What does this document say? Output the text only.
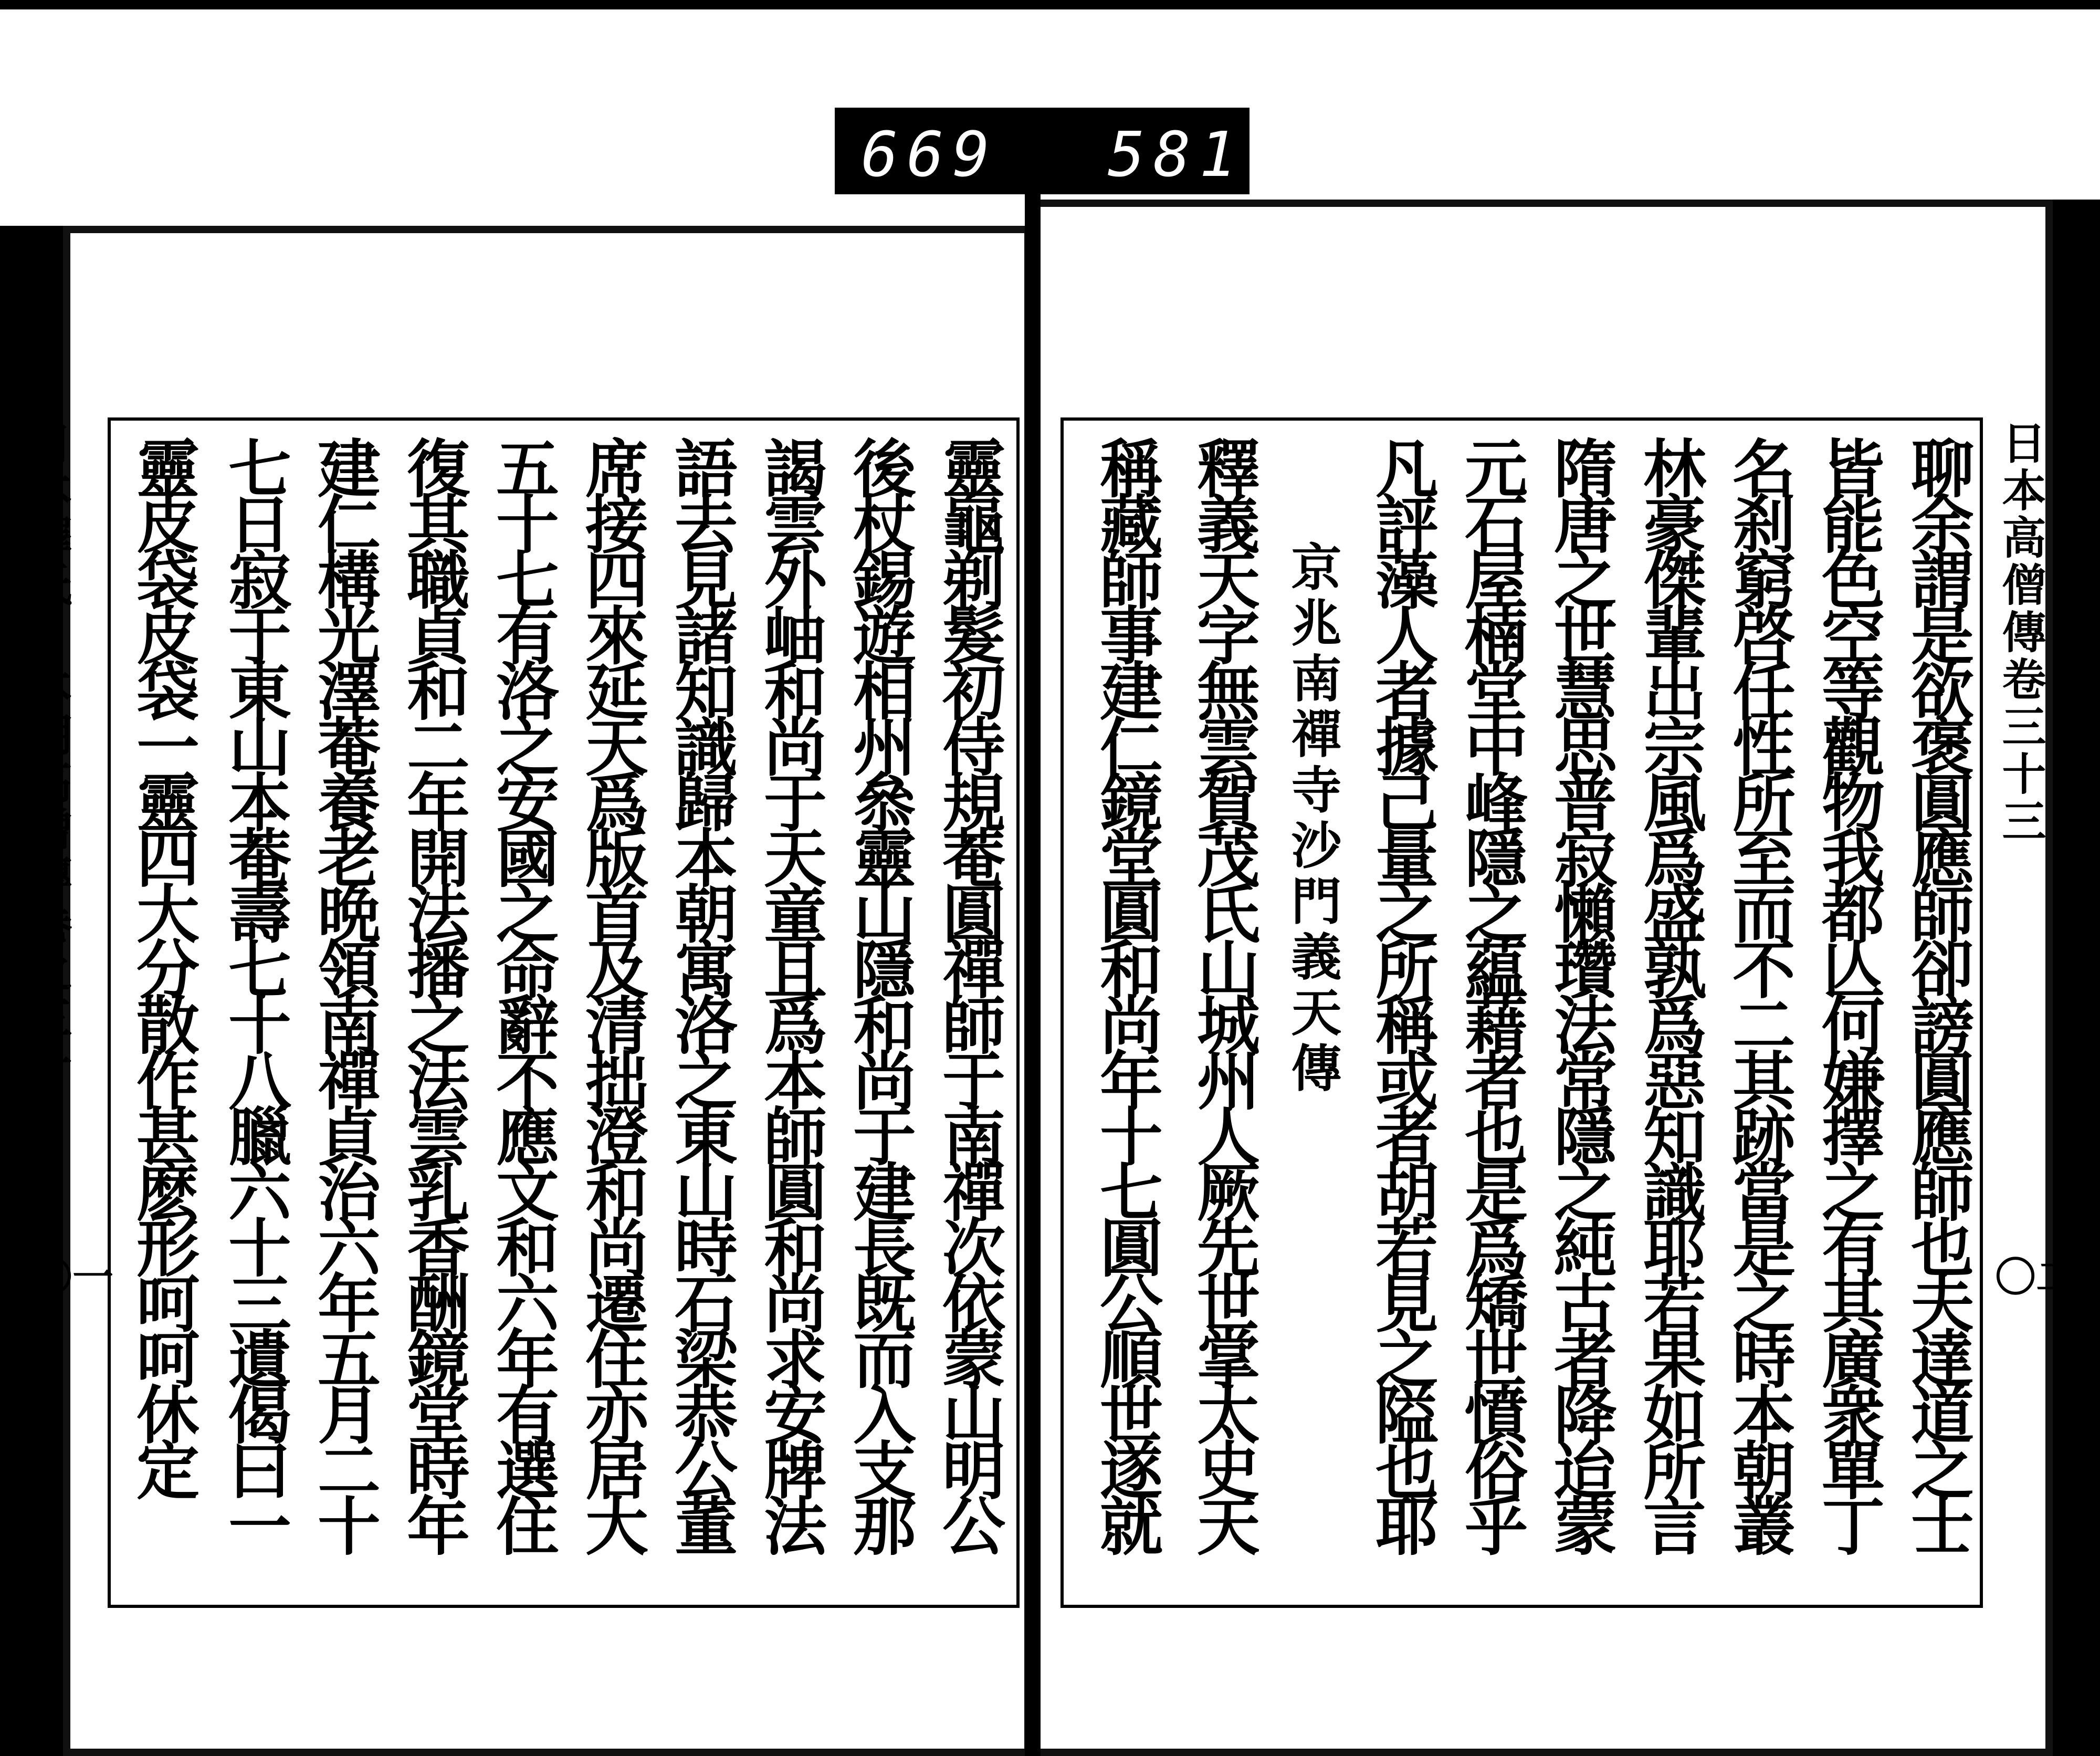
669 581
日本釋氏 本朝高僧傳卷之三十	日本高僧傳卷三十三
〇一	〇二
聊余謂是欲褒圓應師卻謗圓應師也夫達道之士
皆能色空等觀物我都亾何嫌擇之有其廣衆單丁
名刹窮啓任性所至而不二其跡當是之時本朝叢
林豪傑輩出宗風爲盛孰爲惡知識耶若果如所言
隋唐之世慧思普寂懶瓚法常隱之純古者降迨蒙
元石屋楠堂中峰隱之藴藉者也是爲矯世憤俗乎
凡評藻人者據己量之所稱或者胡若見之隘也耶
京兆南禪寺沙門義天傳
釋義天字無雲賀茂氏山城州人厥先世掌太史天
稱藏師事建仁鏡堂圓和尚年十七圓公順世遂就
靈龜剃髮初侍規菴圓禪師于南禪次依蒙山明公
後杖錫遊相州叅靈山隱和尚于建長既而入支那
謁雲外岫和尚于天童且爲本師圓和尚求安牌法
語去見諸知識歸本朝寓洛之東山時石梁恭公董
席接四來延天爲版首及清拙澄和尚遷住亦居大
五十七有洛之安國之命辭不應文和六年有選住
復其職貞和二年開法播之法雲乳香酬鏡堂時年
建仁構光澤菴養老晩領南禪貞治六年五月二十
七日寂于東山本菴壽七十八臘六十三遺偈曰一
靈皮袋皮袋一靈四大分散作甚麽形呵呵休定
